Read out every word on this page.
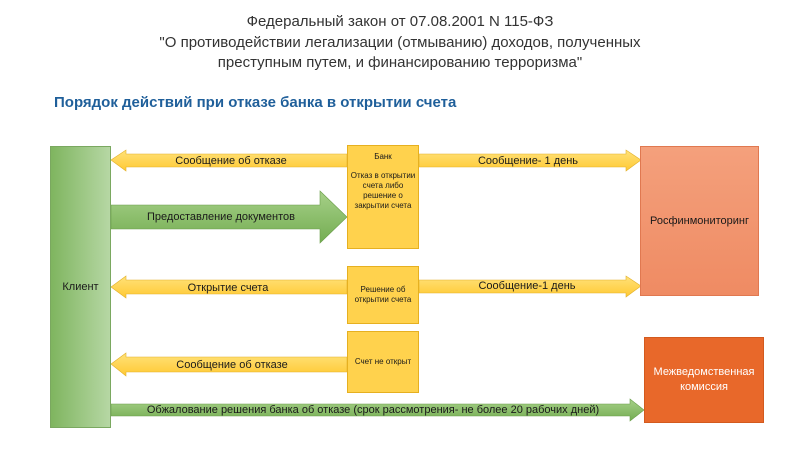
Федеральный закон от 07.08.2001 N 115-ФЗ
"О противодействии легализации (отмыванию) доходов, полученных
преступным путем, и финансированию терроризма"
Порядок действий при отказе банка в открытии счета
Клиент
Росфинмониторинг
Межведомственная комиссия
Банк
Отказ в открытии счета либо решение о закрытии счета
Решение об открытии счета
Счет не открыт
Сообщение об отказе	Сообщение- 1 день
Предоставление документов
Открытие счета	Сообщение-1 день
Сообщение об отказе
Обжалование решения банка об отказе (срок рассмотрения- не более 20 рабочих дней)
